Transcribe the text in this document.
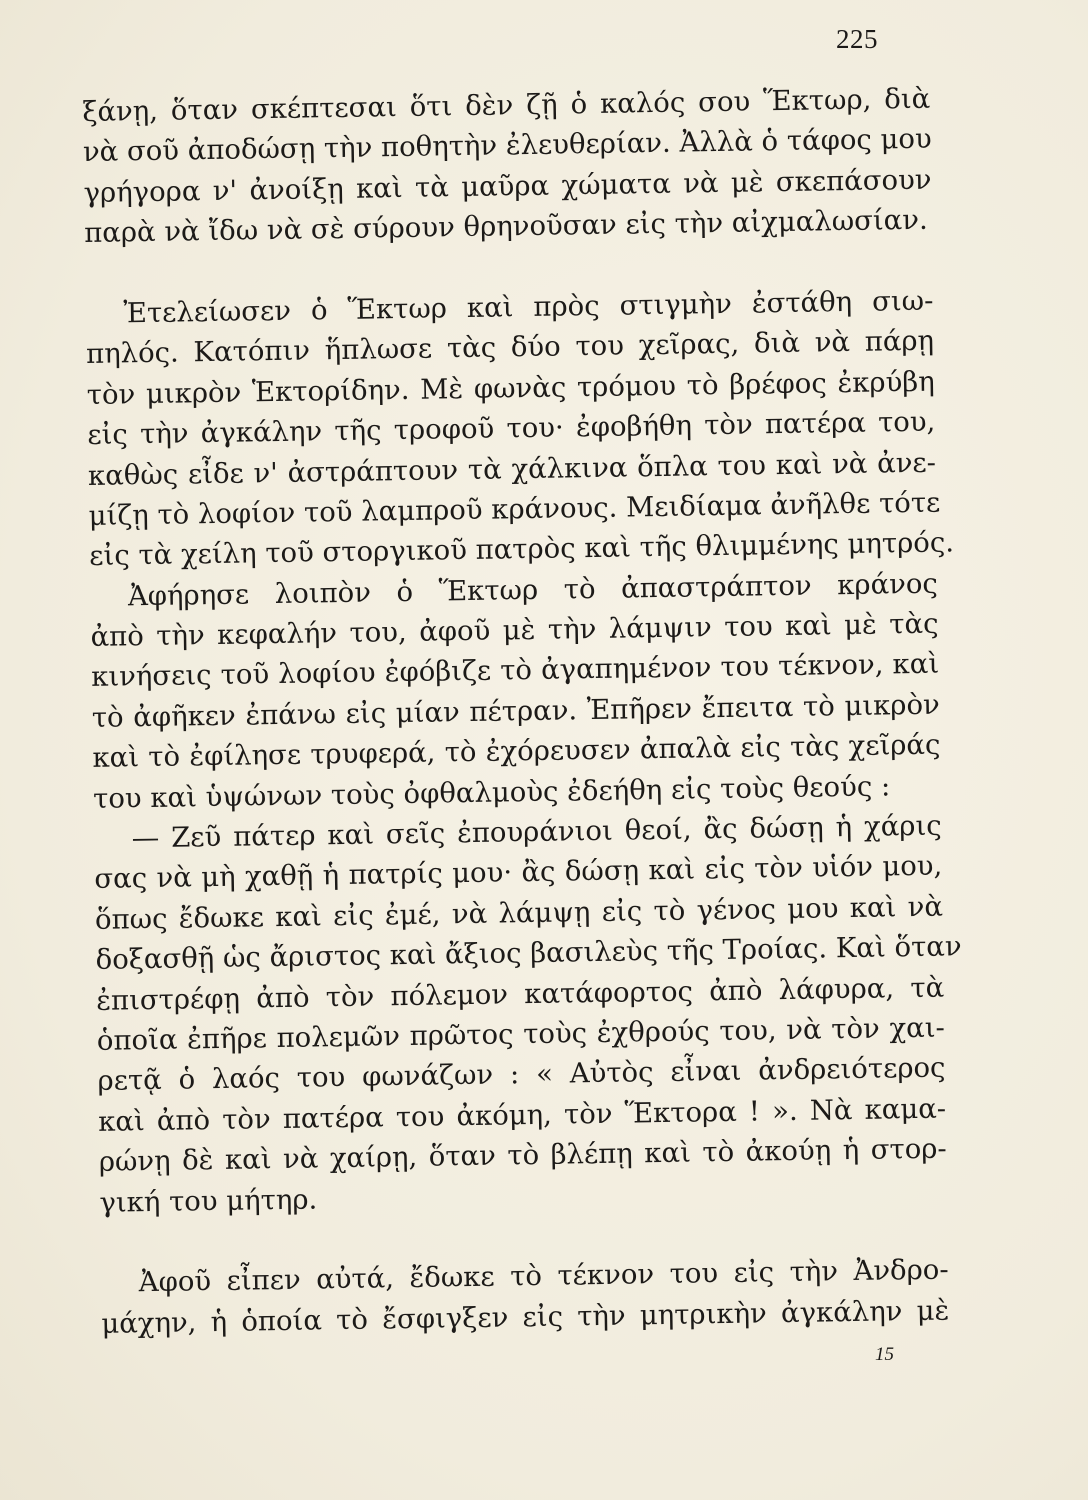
225
ξάνῃ, ὅταν σκέπτεσαι ὅτι δὲν ζῇ ὁ καλός σου Ἕκτωρ, διὰ
νὰ σοῦ ἀποδώσῃ τὴν ποθητὴν ἐλευθερίαν. Ἀλλὰ ὁ τάφος μου
γρήγορα ν' ἀνοίξῃ καὶ τὰ μαῦρα χώματα νὰ μὲ σκεπάσουν
παρὰ νὰ ἴδω νὰ σὲ σύρουν θρηνοῦσαν εἰς τὴν αἰχμαλωσίαν.
Ἐτελείωσεν ὁ Ἕκτωρ καὶ πρὸς στιγμὴν ἐστάθη σιω-
πηλός. Κατόπιν ἥπλωσε τὰς δύο του χεῖρας, διὰ νὰ πάρῃ
τὸν μικρὸν Ἑκτορίδην. Μὲ φωνὰς τρόμου τὸ βρέφος ἐκρύβη
εἰς τὴν ἀγκάλην τῆς τροφοῦ του· ἐφοβήθη τὸν πατέρα του,
καθὼς εἶδε ν' ἀστράπτουν τὰ χάλκινα ὅπλα του καὶ νὰ ἀνε-
μίζῃ τὸ λοφίον τοῦ λαμπροῦ κράνους. Μειδίαμα ἀνῆλθε τότε
εἰς τὰ χείλη τοῦ στοργικοῦ πατρὸς καὶ τῆς θλιμμένης μητρός.
Ἀφήρησε λοιπὸν ὁ Ἕκτωρ τὸ ἀπαστράπτον κράνος
ἀπὸ τὴν κεφαλήν του, ἀφοῦ μὲ τὴν λάμψιν του καὶ μὲ τὰς
κινήσεις τοῦ λοφίου ἐφόβιζε τὸ ἀγαπημένον του τέκνον, καὶ
τὸ ἀφῆκεν ἐπάνω εἰς μίαν πέτραν. Ἐπῆρεν ἔπειτα τὸ μικρὸν
καὶ τὸ ἐφίλησε τρυφερά, τὸ ἐχόρευσεν ἀπαλὰ εἰς τὰς χεῖράς
του καὶ ὑψώνων τοὺς ὀφθαλμοὺς ἐδεήθη εἰς τοὺς θεούς :
— Ζεῦ πάτερ καὶ σεῖς ἐπουράνιοι θεοί, ἂς δώσῃ ἡ χάρις
σας νὰ μὴ χαθῇ ἡ πατρίς μου· ἂς δώσῃ καὶ εἰς τὸν υἱόν μου,
ὅπως ἔδωκε καὶ εἰς ἐμέ, νὰ λάμψῃ εἰς τὸ γένος μου καὶ νὰ
δοξασθῇ ὡς ἄριστος καὶ ἄξιος βασιλεὺς τῆς Τροίας. Καὶ ὅταν
ἐπιστρέφῃ ἀπὸ τὸν πόλεμον κατάφορτος ἀπὸ λάφυρα, τὰ
ὁποῖα ἐπῆρε πολεμῶν πρῶτος τοὺς ἐχθρούς του, νὰ τὸν χαι-
ρετᾷ ὁ λαός του φωνάζων : « Αὐτὸς εἶναι ἀνδρειότερος
καὶ ἀπὸ τὸν πατέρα του ἀκόμη, τὸν Ἕκτορα ! ». Νὰ καμα-
ρώνῃ δὲ καὶ νὰ χαίρῃ, ὅταν τὸ βλέπῃ καὶ τὸ ἀκούῃ ἡ στορ-
γική του μήτηρ.
Ἀφοῦ εἶπεν αὐτά, ἔδωκε τὸ τέκνον του εἰς τὴν Ἀνδρο-
μάχην, ἡ ὁποία τὸ ἔσφιγξεν εἰς τὴν μητρικὴν ἀγκάλην μὲ
15
